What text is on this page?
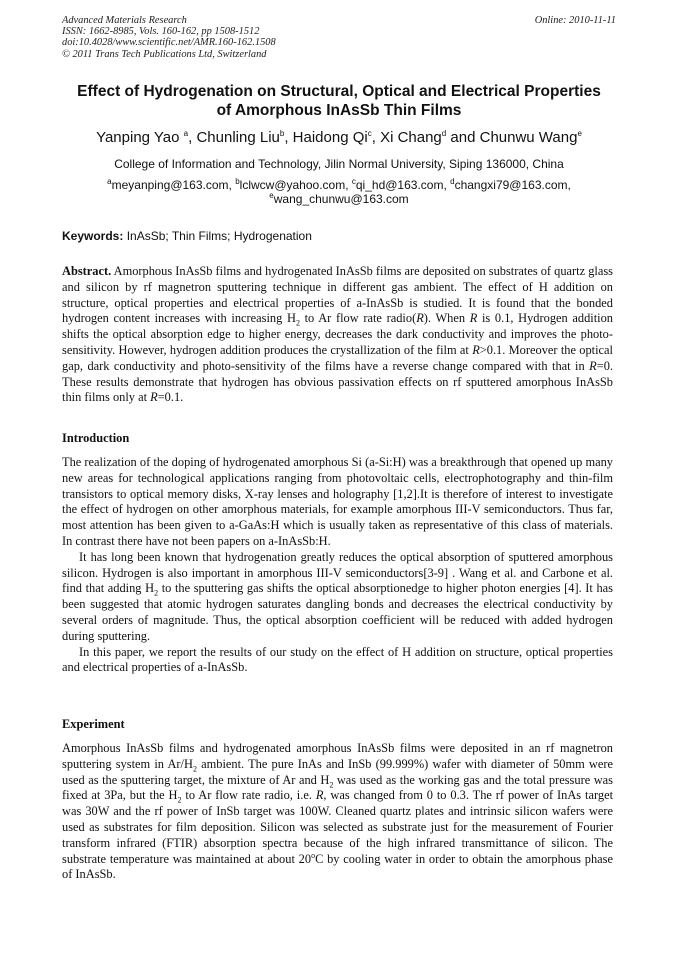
Advanced Materials Research
ISSN: 1662-8985, Vols. 160-162, pp 1508-1512
doi:10.4028/www.scientific.net/AMR.160-162.1508
© 2011 Trans Tech Publications Ltd, Switzerland
Online: 2010-11-11
Effect of Hydrogenation on Structural, Optical and Electrical Properties
of Amorphous InAsSb Thin Films
Yanping Yao $^a$, Chunling Liu$^b$, Haidong Qi$^c$, Xi Chang$^d$ and Chunwu Wang$^e$
College of Information and Technology, Jilin Normal University, Siping 136000, China
$^a$meyanping@163.com, $^b$lclwcw@yahoo.com, $^c$qi_hd@163.com, $^d$changxi79@163.com,
$^e$wang_chunwu@163.com
Keywords: InAsSb; Thin Films; Hydrogenation

Abstract. Amorphous InAsSb films and hydrogenated InAsSb films are deposited on substrates of quartz glass and silicon by rf magnetron sputtering technique in different gas ambient. The effect of H addition on structure, optical properties and electrical properties of a-InAsSb is studied. It is found that the bonded hydrogen content increases with increasing $H_2$ to Ar flow rate radio(R). When R is 0.1, Hydrogen addition shifts the optical absorption edge to higher energy, decreases the dark conductivity and improves the photo-sensitivity. However, hydrogen addition produces the crystallization of the film at R>0.1. Moreover the optical gap, dark conductivity and photo-sensitivity of the films have a reverse change compared with that in R=0. These results demonstrate that hydrogen has obvious passivation effects on rf sputtered amorphous InAsSb thin films only at R=0.1.

Introduction

The realization of the doping of hydrogenated amorphous Si (a-Si:H) was a breakthrough that opened up many new areas for technological applications ranging from photovoltaic cells, electrophotography and thin-film transistors to optical memory disks, X-ray lenses and holography [1,2].It is therefore of interest to investigate the effect of hydrogen on other amorphous materials, for example amorphous III-V semiconductors. Thus far, most attention has been given to a-GaAs:H which is usually taken as representative of this class of materials. In contrast there have not been papers on a-InAsSb:H.

It has long been known that hydrogenation greatly reduces the optical absorption of sputtered amorphous silicon. Hydrogen is also important in amorphous III-V semiconductors[3-9] . Wang et al. and Carbone et al. find that adding $H_2$ to the sputtering gas shifts the optical absorptionedge to higher photon energies [4]. It has been suggested that atomic hydrogen saturates dangling bonds and decreases the electrical conductivity by several orders of magnitude. Thus, the optical absorption coefficient will be reduced with added hydrogen during sputtering.

In this paper, we report the results of our study on the effect of H addition on structure, optical properties and electrical properties of a-InAsSb.

Experiment

Amorphous InAsSb films and hydrogenated amorphous InAsSb films were deposited in an rf magnetron sputtering system in $Ar/H_2$ ambient. The pure InAs and InSb (99.999%) wafer with diameter of 50mm were used as the sputtering target, the mixture of Ar and $H_2$ was used as the working gas and the total pressure was fixed at 3Pa, but the $H_2$ to Ar flow rate radio, i.e. R, was changed from 0 to 0.3. The rf power of InAs target was 30W and the rf power of InSb target was 100W. Cleaned quartz plates and intrinsic silicon wafers were used as substrates for film deposition. Silicon was selected as substrate just for the measurement of Fourier transform infrared (FTIR) absorption spectra because of the high infrared transmittance of silicon. The substrate temperature was maintained at about 20$^o$C by cooling water in order to obtain the amorphous phase of InAsSb.
